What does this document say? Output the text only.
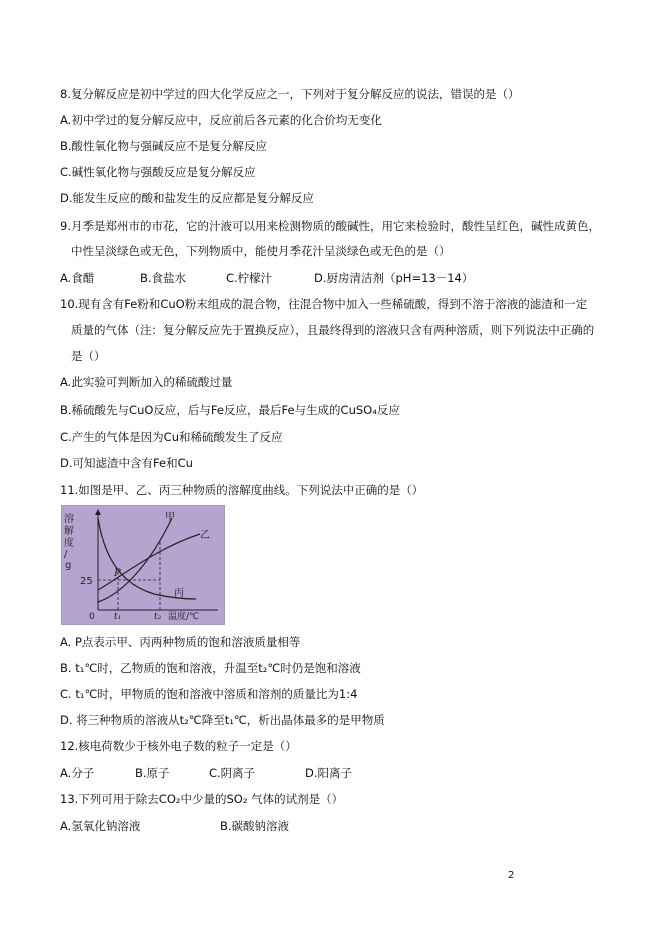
8.复分解反应是初中学过的四大化学反应之一，下列对于复分解反应的说法，错误的是（）
A.初中学过的复分解反应中，反应前后各元素的化合价均无变化
B.酸性氧化物与强碱反应不是复分解反应
C.碱性氧化物与强酸反应是复分解反应
D.能发生反应的酸和盐发生的反应都是复分解反应
9.月季是郑州市的市花，它的汁液可以用来检测物质的酸碱性，用它来检验时，酸性呈红色，碱性成黄色，
中性呈淡绿色或无色，下列物质中，能使月季花汁呈淡绿色或无色的是（）
A.食醋	B.食盐水	C.柠檬汁	D.厨房清洁剂（pH=13－14）
10.现有含有Fe粉和CuO粉末组成的混合物，往混合物中加入一些稀硫酸，得到不溶于溶液的滤渣和一定
质量的气体（注：复分解反应先于置换反应），且最终得到的溶液只含有两种溶质，则下列说法中正确的
是（）
A.此实验可判断加入的稀硫酸过量
B.稀硫酸先与CuO反应，后与Fe反应，最后Fe与生成的CuSO₄反应
C.产生的气体是因为Cu和稀硫酸发生了反应
D.可知滤渣中含有Fe和Cu
11.如图是甲、乙、丙三种物质的溶解度曲线。下列说法中正确的是（）
溶
解
度
/
g
25
0 t₁	t₂ 温度/℃
甲
乙
丙
P
A. P点表示甲、丙两种物质的饱和溶液质量相等
B. t₁℃时，乙物质的饱和溶液，升温至t₂℃时仍是饱和溶液
C. t₁℃时，甲物质的饱和溶液中溶质和溶剂的质量比为1:4
D. 将三种物质的溶液从t₂℃降至t₁℃，析出晶体最多的是甲物质
12.核电荷数少于核外电子数的粒子一定是（）
A.分子	B.原子	C.阴离子	D.阳离子
13.下列可用于除去CO₂中少量的SO₂ 气体的试剂是（）
A.氢氧化钠溶液	B.碳酸钠溶液
2
